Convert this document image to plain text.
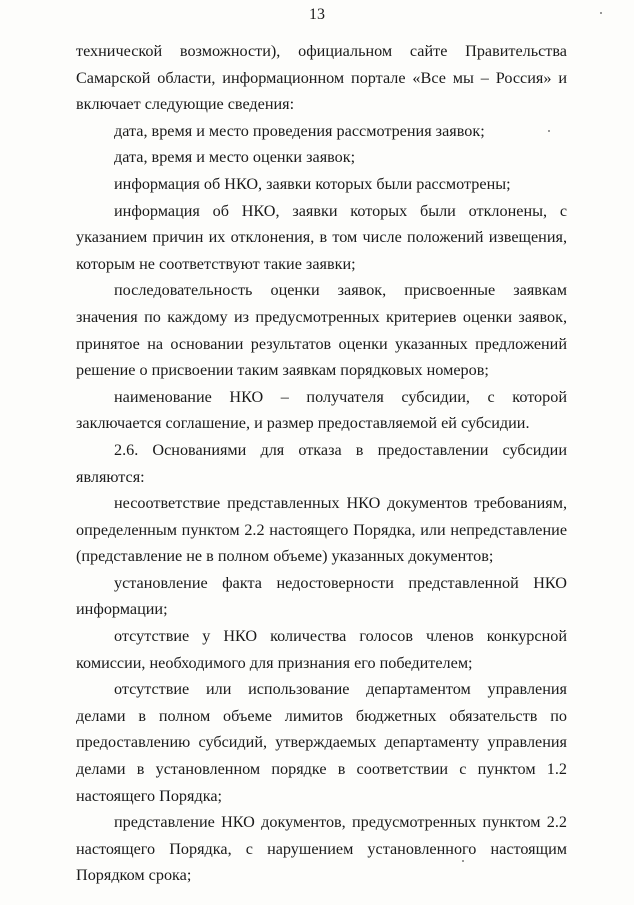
13

технической возможности), официальном сайте Правительства Самарской области, информационном портале «Все мы – Россия» и включает следующие сведения:

дата, время и место проведения рассмотрения заявок;

дата, время и место оценки заявок;

информация об НКО, заявки которых были рассмотрены;

информация об НКО, заявки которых были отклонены, с указанием причин их отклонения, в том числе положений извещения, которым не соответствуют такие заявки;

последовательность оценки заявок, присвоенные заявкам значения по каждому из предусмотренных критериев оценки заявок, принятое на основании результатов оценки указанных предложений решение о присвоении таким заявкам порядковых номеров;

наименование НКО – получателя субсидии, с которой заключается соглашение, и размер предоставляемой ей субсидии.

2.6. Основаниями для отказа в предоставлении субсидии являются:

несоответствие представленных НКО документов требованиям, определенным пунктом 2.2 настоящего Порядка, или непредставление (представление не в полном объеме) указанных документов;

установление факта недостоверности представленной НКО информации;

отсутствие у НКО количества голосов членов конкурсной комиссии, необходимого для признания его победителем;

отсутствие или использование департаментом управления делами в полном объеме лимитов бюджетных обязательств по предоставлению субсидий, утверждаемых департаменту управления делами в установленном порядке в соответствии с пунктом 1.2 настоящего Порядка;

представление НКО документов, предусмотренных пунктом 2.2 настоящего Порядка, с нарушением установленного настоящим Порядком срока;
